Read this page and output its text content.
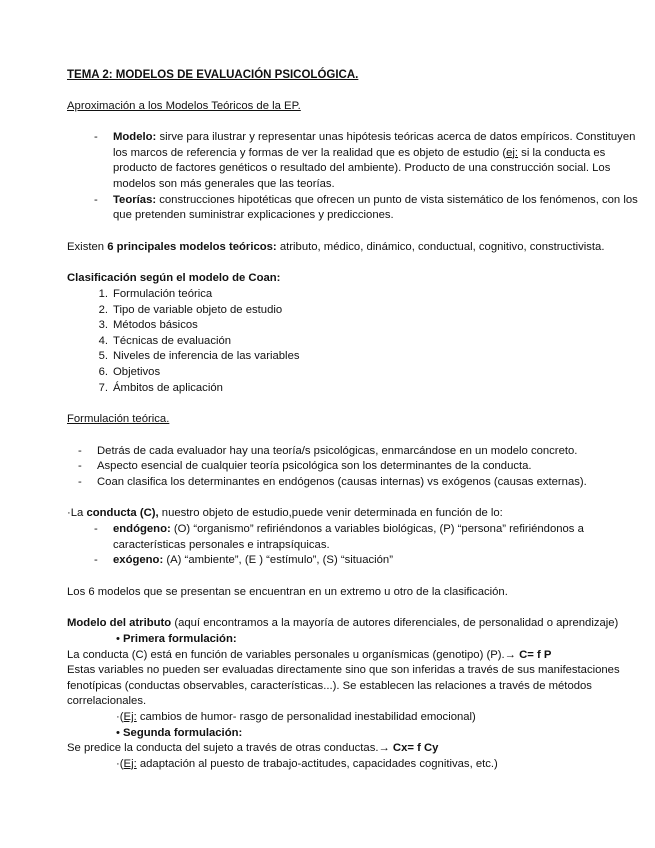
TEMA 2: MODELOS DE EVALUACIÓN PSICOLÓGICA.

Aproximación a los Modelos Teóricos de la EP.

- Modelo: sirve para ilustrar y representar unas hipótesis teóricas acerca de datos empíricos. Constituyen los marcos de referencia y formas de ver la realidad que es objeto de estudio (ej: si la conducta es producto de factores genéticos o resultado del ambiente). Producto de una construcción social. Los modelos son más generales que las teorías.
- Teorías: construcciones hipotéticas que ofrecen un punto de vista sistemático de los fenómenos, con los que pretenden suministrar explicaciones y predicciones.

Existen 6 principales modelos teóricos: atributo, médico, dinámico, conductual, cognitivo, constructivista.

Clasificación según el modelo de Coan:

1. Formulación teórica
2. Tipo de variable objeto de estudio
3. Métodos básicos
4. Técnicas de evaluación
5. Niveles de inferencia de las variables
6. Objetivos
7. Ámbitos de aplicación

Formulación teórica.

- Detrás de cada evaluador hay una teoría/s psicológicas, enmarcándose en un modelo concreto.
- Aspecto esencial de cualquier teoría psicológica son los determinantes de la conducta.
- Coan clasifica los determinantes en endógenos (causas internas) vs exógenos (causas externas).

·La conducta (C), nuestro objeto de estudio,puede venir determinada en función de lo:

- endógeno: (O) “organismo” refiriéndonos a variables biológicas, (P) “persona” refiriéndonos a características personales e intrapsíquicas.
- exógeno: (A) “ambiente”, (E ) “estímulo”, (S) “situación”

Los 6 modelos que se presentan se encuentran en un extremo u otro de la clasificación.

Modelo del atributo (aquí encontramos a la mayoría de autores diferenciales, de personalidad o aprendizaje)

• Primera formulación:

La conducta (C) está en función de variables personales u organísmicas (genotipo) (P).→ C= f P

Estas variables no pueden ser evaluadas directamente sino que son inferidas a través de sus manifestaciones fenotípicas (conductas observables, características...). Se establecen las relaciones a través de métodos correlacionales.

·(Ej: cambios de humor- rasgo de personalidad inestabilidad emocional)

• Segunda formulación:

Se predice la conducta del sujeto a través de otras conductas.→ Cx= f Cy

·(Ej: adaptación al puesto de trabajo-actitudes, capacidades cognitivas, etc.)
